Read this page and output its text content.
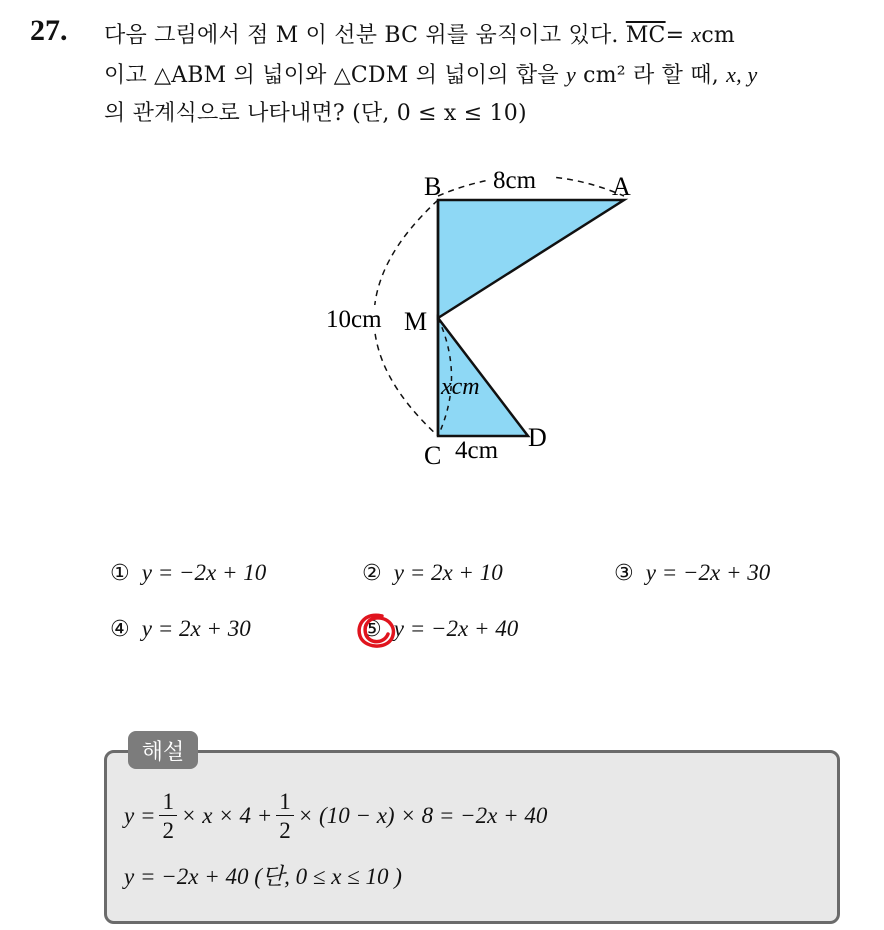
27. 다음 그림에서 점 M 이 선분 BC 위를 움직이고 있다. $\overline{MC}=$ xcm
이고 △ABM 의 넓이와 △CDM 의 넓이의 합을 y cm² 라 할 때, x, y
의 관계식으로 나타내면? (단, 0 ≤ x ≤ 10)
B	A
M
C
D
8cm
10cm
xcm
4cm
① y = −2x + 10	② y = 2x + 10	③ y = −2x + 30
④ y = 2x + 30	⑤ y = −2x + 40
해설
$y = \frac{1}{2} \times x \times 4 + \frac{1}{2} \times (10 - x) \times 8 = -2x + 40$
y = −2x + 40 (단, 0 ≤ x ≤ 10 )
